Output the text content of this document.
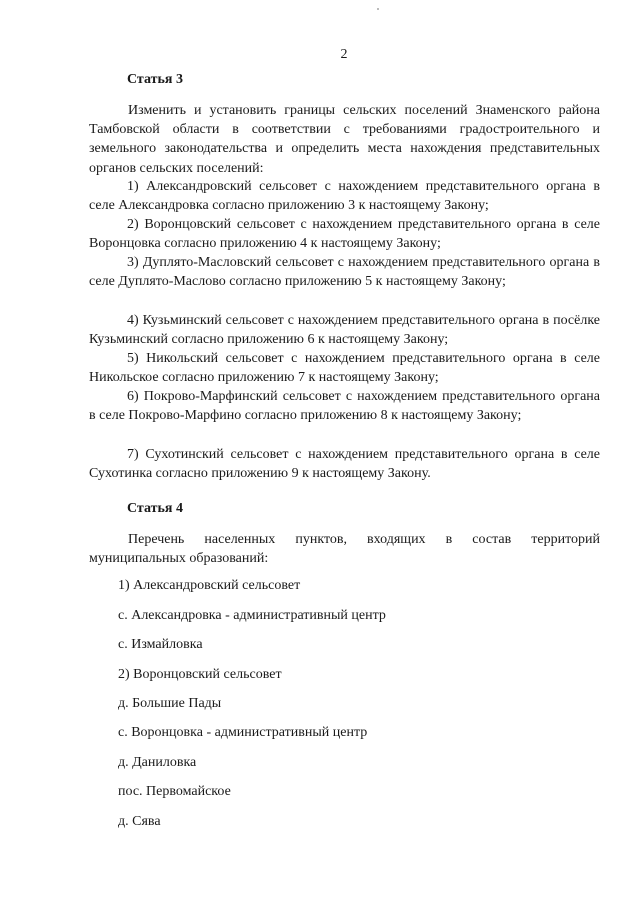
2
Статья 3
Изменить и установить границы сельских поселений Знаменского района Тамбовской области в соответствии с требованиями градостроительного и земельного законодательства и определить места нахождения представительных органов сельских поселений:
1) Александровский сельсовет с нахождением представительного органа в селе Александровка согласно приложению 3 к настоящему Закону;
2) Воронцовский сельсовет с нахождением представительного органа в селе Воронцовка согласно приложению 4 к настоящему Закону;
3) Дуплято-Масловский сельсовет с нахождением представительного органа в селе Дуплято-Маслово согласно приложению 5 к настоящему Закону;
4) Кузьминский сельсовет с нахождением представительного органа в посёлке Кузьминский согласно приложению 6 к настоящему Закону;
5) Никольский сельсовет с нахождением представительного органа в селе Никольское согласно приложению 7 к настоящему Закону;
6) Покрово-Марфинский сельсовет с нахождением представительного органа в селе Покрово-Марфино согласно приложению 8 к настоящему Закону;
7) Сухотинский сельсовет с нахождением представительного органа в селе Сухотинка согласно приложению 9 к настоящему Закону.
Статья 4
Перечень населенных пунктов, входящих в состав территорий муниципальных образований:
1) Александровский сельсовет
с. Александровка - административный центр
с. Измайловка
2) Воронцовский сельсовет
д. Большие Пады
с. Воронцовка - административный центр
д. Даниловка
пос. Первомайское
д. Сява
